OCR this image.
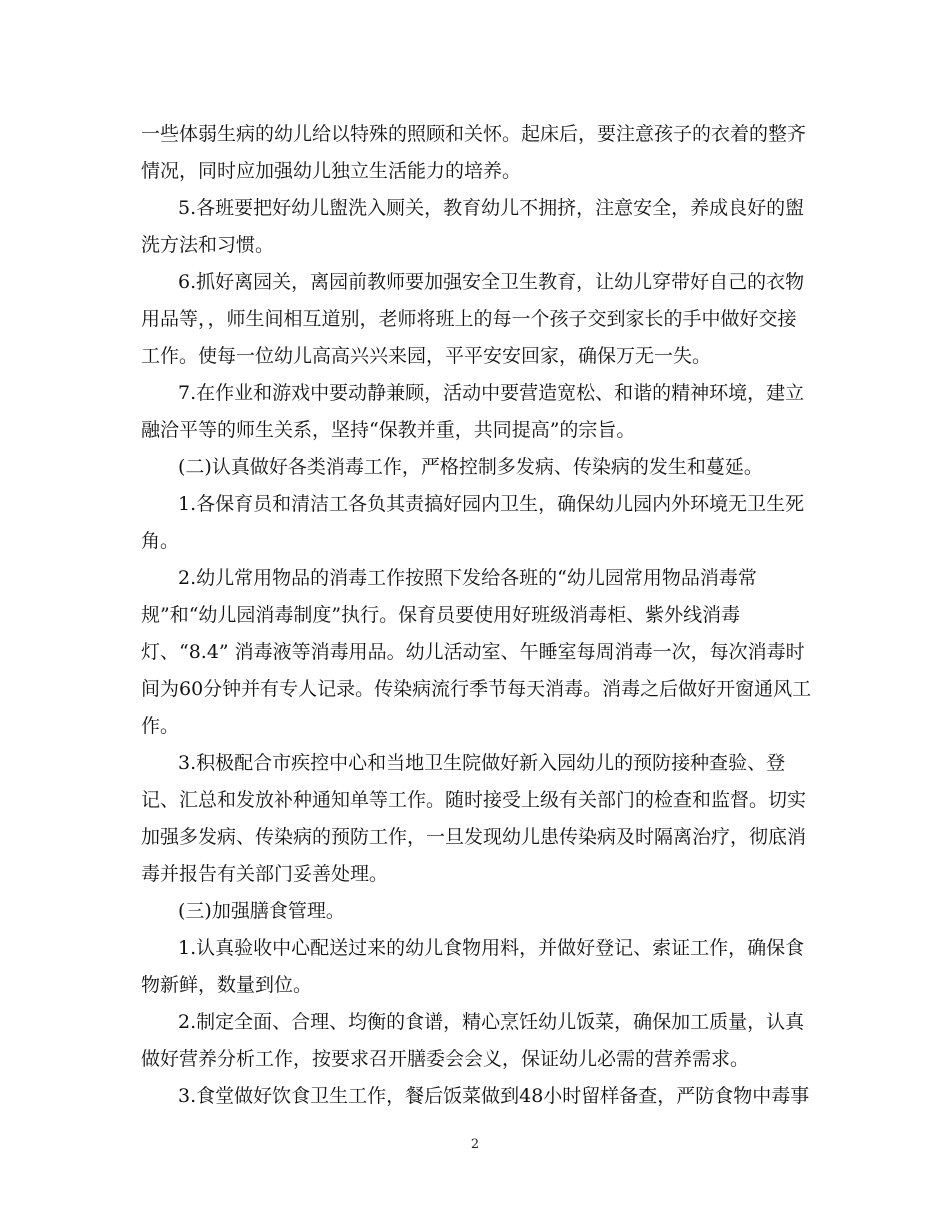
一些体弱生病的幼儿给以特殊的照顾和关怀。起床后，要注意孩子的衣着的整齐
情况，同时应加强幼儿独立生活能力的培养。
5.各班要把好幼儿盥洗入厕关，教育幼儿不拥挤，注意安全，养成良好的盥
洗方法和习惯。
6.抓好离园关，离园前教师要加强安全卫生教育，让幼儿穿带好自己的衣物
用品等，，师生间相互道别，老师将班上的每一个孩子交到家长的手中做好交接
工作。使每一位幼儿高高兴兴来园，平平安安回家，确保万无一失。
7.在作业和游戏中要动静兼顾，活动中要营造宽松、和谐的精神环境，建立
融洽平等的师生关系，坚持“保教并重，共同提高”的宗旨。
(二)认真做好各类消毒工作，严格控制多发病、传染病的发生和蔓延。
1.各保育员和清洁工各负其责搞好园内卫生，确保幼儿园内外环境无卫生死
角。
2.幼儿常用物品的消毒工作按照下发给各班的“幼儿园常用物品消毒常
规”和“幼儿园消毒制度”执行。保育员要使用好班级消毒柜、紫外线消毒
灯、“8.4” 消毒液等消毒用品。幼儿活动室、午睡室每周消毒一次，每次消毒时
间为60分钟并有专人记录。传染病流行季节每天消毒。消毒之后做好开窗通风工
作。
3.积极配合市疾控中心和当地卫生院做好新入园幼儿的预防接种查验、登
记、汇总和发放补种通知单等工作。随时接受上级有关部门的检查和监督。切实
加强多发病、传染病的预防工作，一旦发现幼儿患传染病及时隔离治疗，彻底消
毒并报告有关部门妥善处理。
(三)加强膳食管理。
1.认真验收中心配送过来的幼儿食物用料，并做好登记、索证工作，确保食
物新鲜，数量到位。
2.制定全面、合理、均衡的食谱，精心烹饪幼儿饭菜，确保加工质量，认真
做好营养分析工作，按要求召开膳委会会义，保证幼儿必需的营养需求。
3.食堂做好饮食卫生工作，餐后饭菜做到48小时留样备查，严防食物中毒事
2
